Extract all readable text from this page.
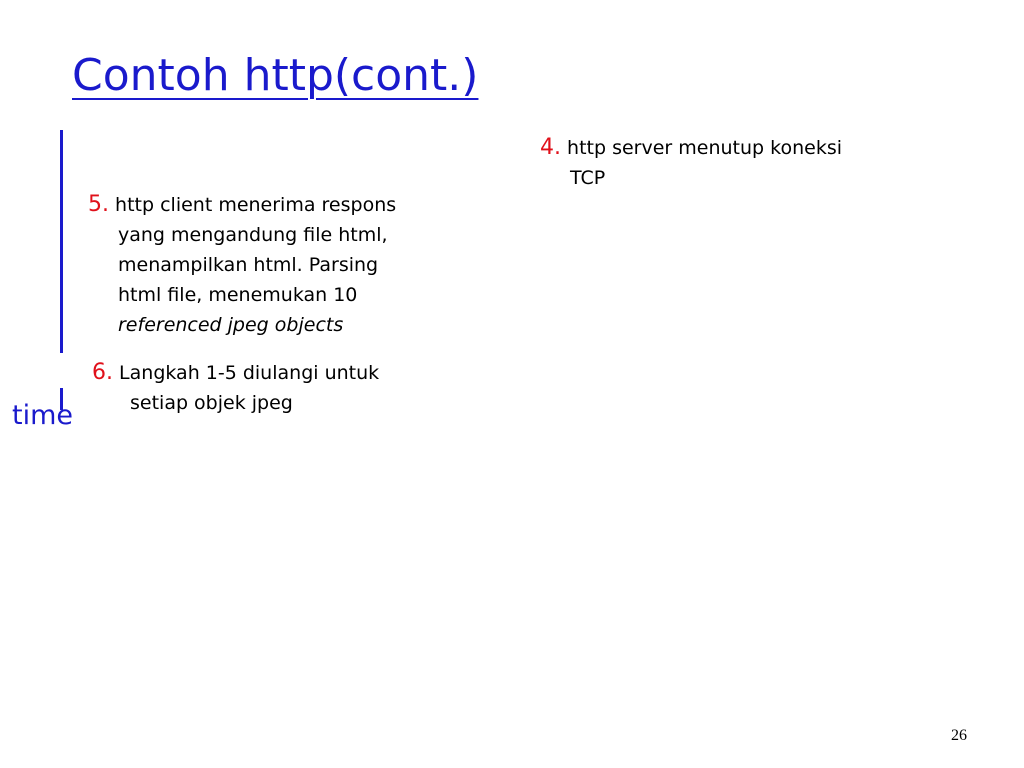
Contoh http(cont.)
time
4. http server menutup koneksi
TCP
5. http client menerima respons
yang mengandung file html,
menampilkan html. Parsing
html file, menemukan 10
referenced jpeg objects
6. Langkah 1-5 diulangi untuk
setiap objek jpeg
26
